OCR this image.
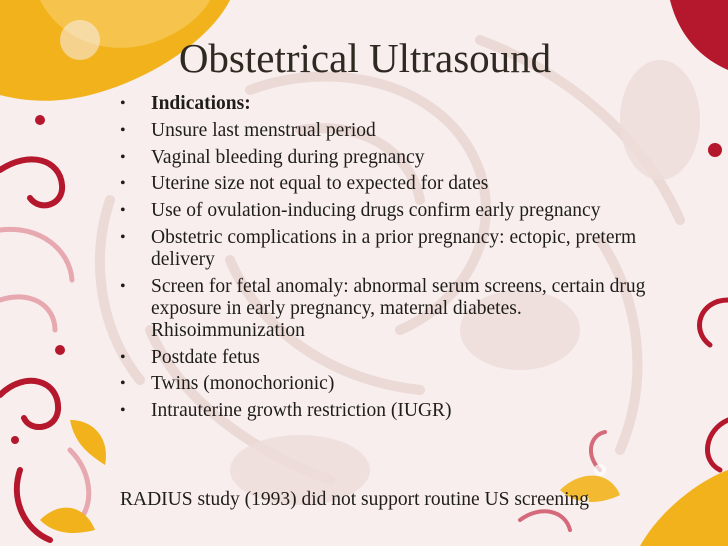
Obstetrical Ultrasound
•	Indications:
•	Unsure last menstrual period
•	Vaginal bleeding during pregnancy
•	Uterine size not equal to expected for dates
•	Use of ovulation-inducing drugs confirm early pregnancy
•	Obstetric complications in a prior pregnancy: ectopic, preterm delivery
•	Screen for fetal anomaly: abnormal serum screens, certain drug exposure in early pregnancy, maternal diabetes. Rhisoimmunization
•	Postdate fetus
•	Twins (monochorionic)
•	Intrauterine growth restriction (IUGR)
RADIUS study (1993) did not support routine US screening
